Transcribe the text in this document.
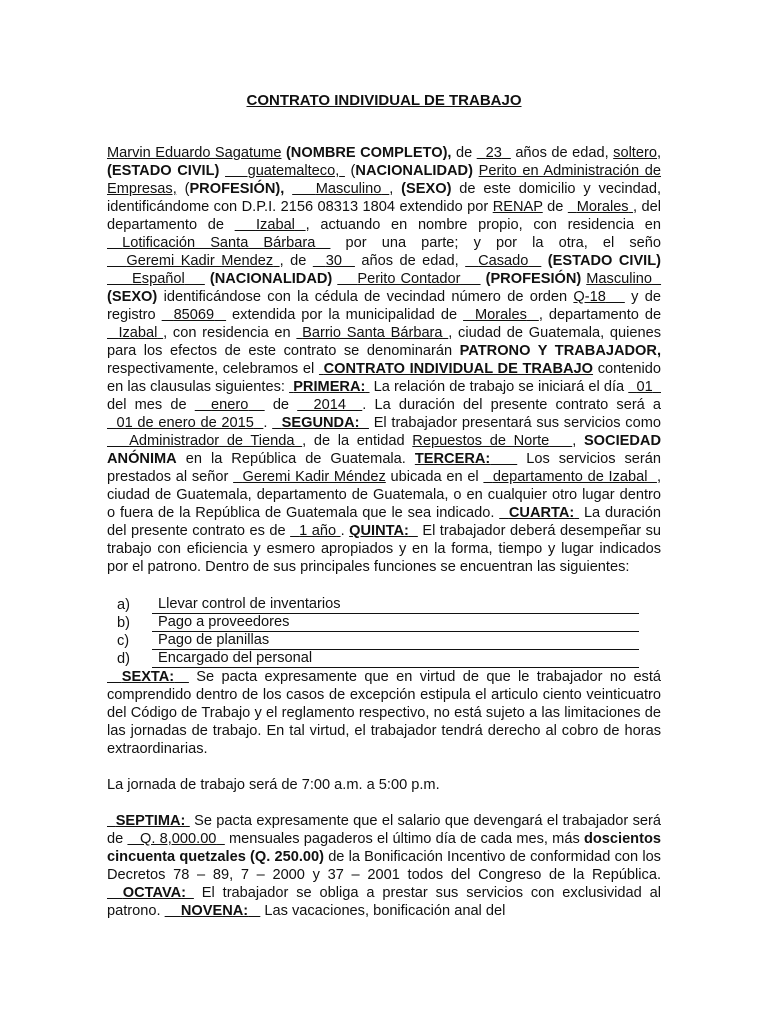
CONTRATO INDIVIDUAL DE TRABAJO

Marvin Eduardo Sagatume (NOMBRE COMPLETO), de 23 años de edad, soltero, (ESTADO CIVIL) guatemalteco,  (NACIONALIDAD) Perito en Administración de Empresas, (PROFESIÓN), Masculino , (SEXO) de este domicilio y vecindad, identificándome con D.P.I. 2156 08313 1804 extendido por RENAP de Morales , del departamento de Izabal , actuando en nombre propio, con residencia en  Lotificación Santa Bárbara por una parte; y por la otra, el seño    Geremi Kadir Mendez , de 30 años de edad, Casado (ESTADO CIVIL)      Español (NACIONALIDAD) Perito Contador (PROFESIÓN) Masculino   (SEXO) identificándose con la cédula de vecindad número de orden Q-18 y de registro 85069 extendida por la municipalidad de Morales , departamento de   Izabal , con residencia en Barrio Santa Bárbara , ciudad de Guatemala, quienes para los efectos de este contrato se denominarán PATRONO Y TRABAJADOR, respectivamente, celebramos el CONTRATO INDIVIDUAL DE TRABAJO contenido en las clausulas siguientes: PRIMERA: La relación de trabajo se iniciará el día 01   del mes de enero de 2014 . La duración del presente contrato será a   01 de enero de 2015 . SEGUNDA: El trabajador presentará sus servicios como    Administrador de Tienda , de la entidad Repuestos de Norte , SOCIEDAD ANÓNIMA en la República de Guatemala. TERCERA: Los servicios serán prestados al señor Geremi Kadir Méndez ubicada en el departamento de Izabal , ciudad de Guatemala, departamento de Guatemala, o en cualquier otro lugar dentro o fuera de la República de Guatemala que le sea indicado. CUARTA: La duración del presente contrato es de 1 año . QUINTA: El trabajador deberá desempeñar su trabajo con eficiencia y esmero apropiados y en la forma, tiempo y lugar indicados por el patrono. Dentro de sus principales funciones se encuentran las siguientes:

a)	Llevar control de inventarios
b)	Pago a proveedores
c)	Pago de planillas
d)	Encargado del personal

SEXTA: Se pacta expresamente que en virtud de que le trabajador no está comprendido dentro de los casos de excepción estipula el articulo ciento veinticuatro del Código de Trabajo y el reglamento respectivo, no está sujeto a las limitaciones de las jornadas de trabajo. En tal virtud, el trabajador tendrá derecho al cobro de horas extraordinarias.

La jornada de trabajo será de 7:00 a.m. a 5:00 p.m.

SEPTIMA: Se pacta expresamente que el salario que devengará el trabajador será de Q. 8,000.00 mensuales pagaderos el último día de cada mes, más doscientos cincuenta quetzales (Q. 250.00) de la Bonificación Incentivo de conformidad con los Decretos 78 – 89, 7 – 2000 y 37 – 2001 todos del Congreso de la República.   OCTAVA: El trabajador se obliga a prestar sus servicios con exclusividad al patrono. NOVENA: Las vacaciones, bonificación anal del
